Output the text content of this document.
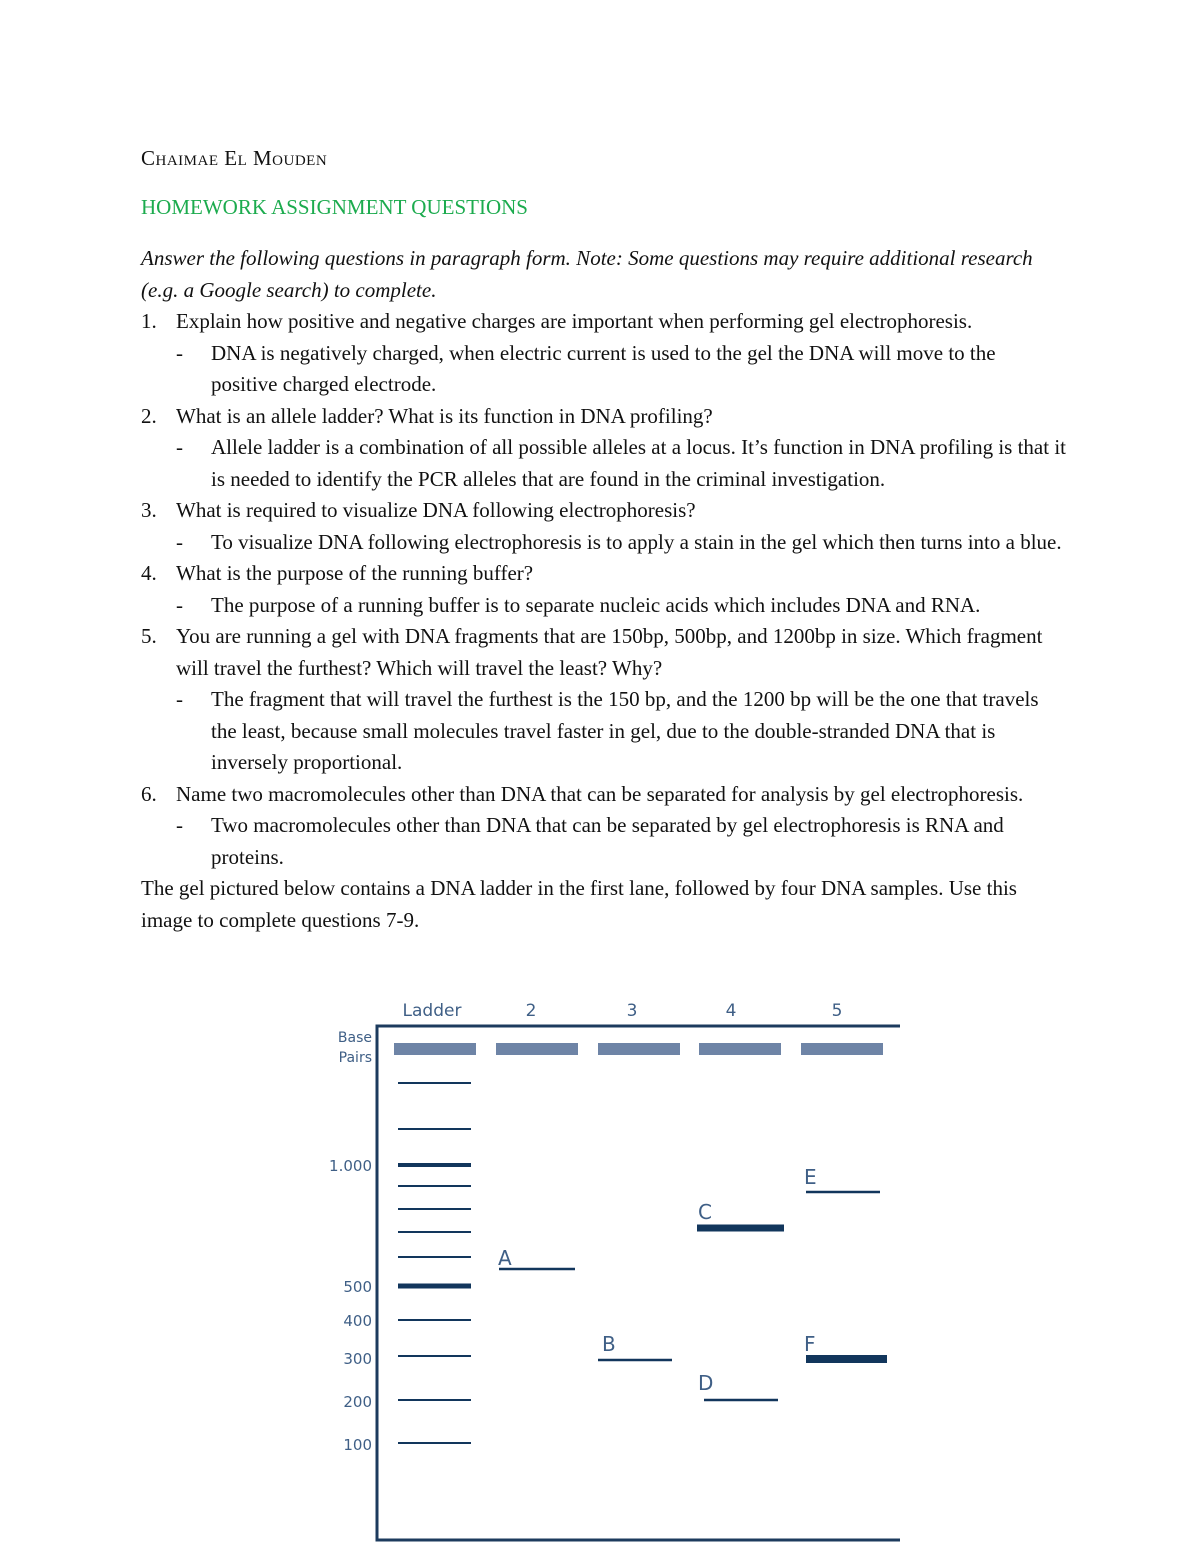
Chaimae El Mouden
HOMEWORK ASSIGNMENT QUESTIONS

Answer the following questions in paragraph form. Note: Some questions may require additional research (e.g. a Google search) to complete.

1. Explain how positive and negative charges are important when performing gel electrophoresis.
- DNA is negatively charged, when electric current is used to the gel the DNA will move to the positive charged electrode.
2. What is an allele ladder? What is its function in DNA profiling?
- Allele ladder is a combination of all possible alleles at a locus. It’s function in DNA profiling is that it is needed to identify the PCR alleles that are found in the criminal investigation.
3. What is required to visualize DNA following electrophoresis?
- To visualize DNA following electrophoresis is to apply a stain in the gel which then turns into a blue.
4. What is the purpose of the running buffer?
- The purpose of a running buffer is to separate nucleic acids which includes DNA and RNA.
5. You are running a gel with DNA fragments that are 150bp, 500bp, and 1200bp in size. Which fragment will travel the furthest? Which will travel the least? Why?
- The fragment that will travel the furthest is the 150 bp, and the 1200 bp will be the one that travels the least, because small molecules travel faster in gel, due to the double-stranded DNA that is inversely proportional.
6. Name two macromolecules other than DNA that can be separated for analysis by gel electrophoresis.
- Two macromolecules other than DNA that can be separated by gel electrophoresis is RNA and proteins.

The gel pictured below contains a DNA ladder in the first lane, followed by four DNA samples. Use this image to complete questions 7-9.

Ladder	2	3	4	5
Base
Pairs
1.000
500
400
300
200
100
A
B
C
D
E
F
